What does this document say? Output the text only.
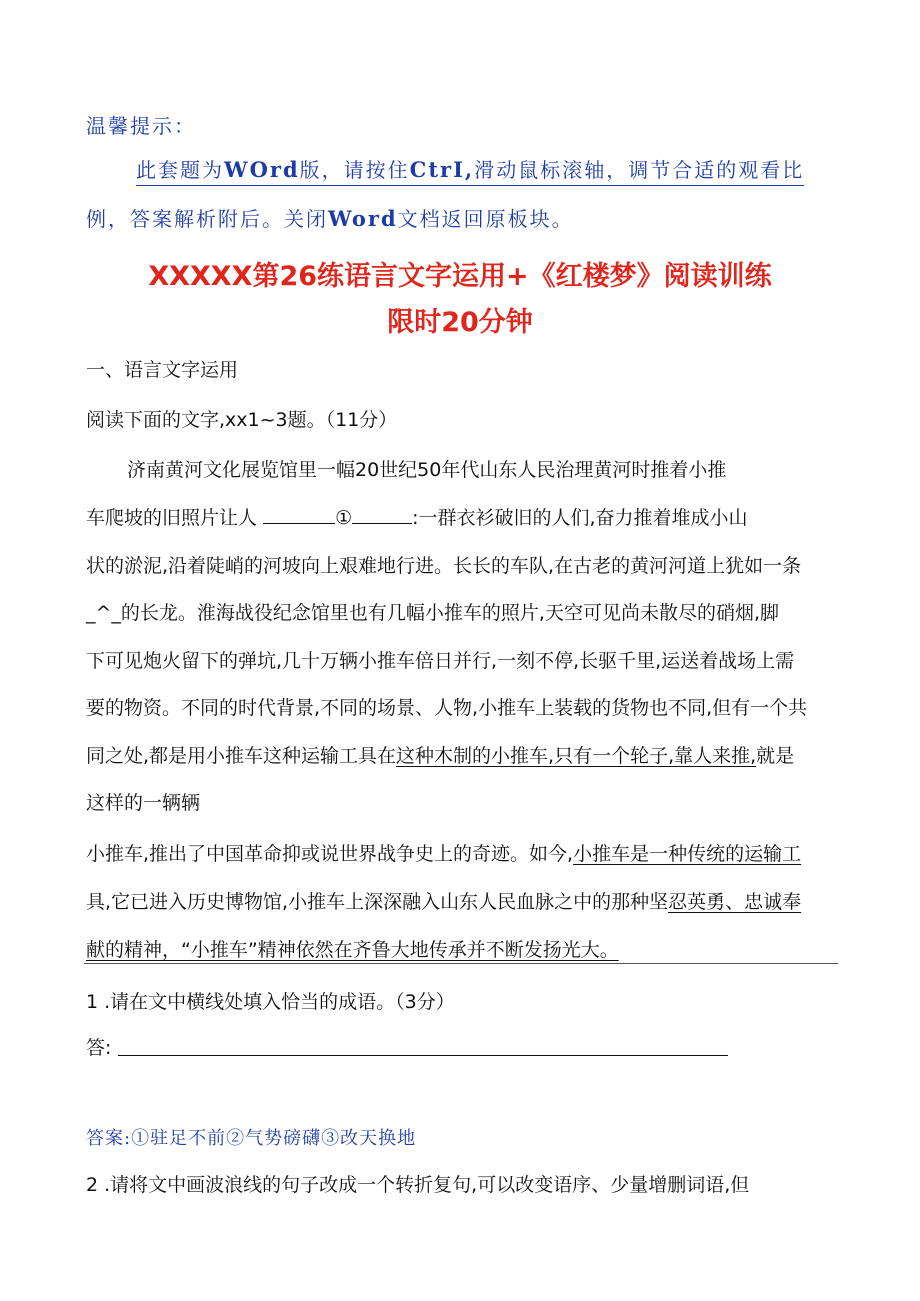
温馨提示：
此套题为WOrd版，请按住CtrI,滑动鼠标滚轴，调节合适的观看比
例，答案解析附后。关闭Word文档返回原板块。
XXXXX第26练语言文字运用+《红楼梦》阅读训练
限时20分钟
一、语言文字运用
阅读下面的文字,xx1~3题。（11分）
济南黄河文化展览馆里一幅20世纪50年代山东人民治理黄河时推着小推
车爬坡的旧照片让人	①	:一群衣衫破旧的人们,奋力推着堆成小山
状的淤泥,沿着陡峭的河坡向上艰难地行进。长长的车队,在古老的黄河河道上犹如一条
_^_的长龙。淮海战役纪念馆里也有几幅小推车的照片,天空可见尚未散尽的硝烟,脚
下可见炮火留下的弹坑,几十万辆小推车倍日并行,一刻不停,长驱千里,运送着战场上需
要的物资。不同的时代背景,不同的场景、人物,小推车上装载的货物也不同,但有一个共
同之处,都是用小推车这种运输工具在这种木制的小推车,只有一个轮子,靠人来推,就是
这样的一辆辆
小推车,推出了中国革命抑或说世界战争史上的奇迹。如今,小推车是一种传统的运输工
具,它已进入历史博物馆,小推车上深深融入山东人民血脉之中的那种坚忍英勇、忠诚奉
献的精神，“小推车”精神依然在齐鲁大地传承并不断发扬光大。
1 .请在文中横线处填入恰当的成语。（3分）
答:
答案:①驻足不前②气势磅礴③改天换地
2 .请将文中画波浪线的句子改成一个转折复句,可以改变语序、少量增删词语,但
